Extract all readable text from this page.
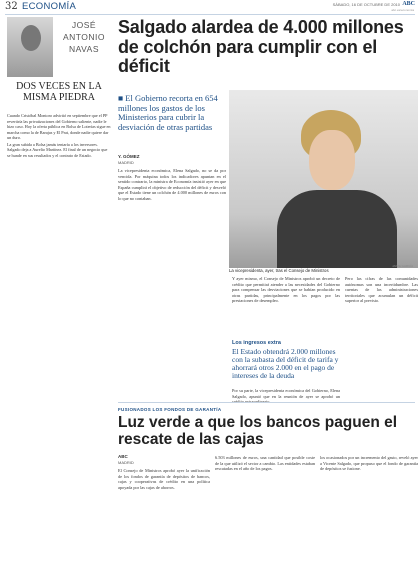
32 ECONOMÍA	SÁBADO, 16 DE OCTUBRE DE 2010 ABC
abc.es/economia
JOSÉ ANTONIO NAVAS
DOS VECES EN LA MISMA PIEDRA

Cuando Cristóbal Montoro advirtió en septiembre que el PP revertiría las privatizaciones del Gobierno saliente, nadie le hizo caso. Hoy la oferta pública en Bolsa de Loterías sigue en marcha como la de Barajas y El Prat, donde nadie quiere dar un duro.

La gran subida a Bolsa jamás tentaría a los inversores. Salgado deja a Aurelio Martínez. El final de un negocio que se hunde en sus resultados y el contrato de Estado.

Salgado alardea de 4.000 millones de colchón para cumplir con el déficit
■ El Gobierno recorta en 654 millones los gastos de los Ministerios para cubrir la desviación de otras partidas
JAIME GARCÍA
La vicepresidenta, ayer, tras el Consejo de Ministros
Y. GÓMEZ
MADRID
La vicepresidenta económica, Elena Salgado, no se da por vencida. Por máquina todos los indicadores apuntan en el sentido contrario, la ministra de Economía insistió ayer en que España cumplirá el objetivo de reducción del déficit y desveló que el Estado tiene un colchón de 4.000 millones de euros con lo que no contaban.
Y ayer mismo, el Consejo de Ministros aprobó un decreto de crédito que permitirá atender a las necesidades del Gobierno para compensar las desviaciones que se habían producido en otras partidas, principalmente en los pagos por las prestaciones de desempleo.
Pero las cifras de las comunidades autónomas son una incertidumbre. Las cuentas de las administraciones territoriales que acumulan un déficit superior al previsto.
Los ingresos extra
El Estado obtendrá 2.000 millones con la subasta del déficit de tarifa y ahorrará otros 2.000 en el pago de intereses de la deuda
Por su parte, la vicepresidenta económica del Gobierno, Elena Salgado, apuntó que en la reunión de ayer se aprobó un crédito extraordinario.
FUSIONADOS LOS FONDOS DE GARANTÍA
Luz verde a que los bancos paguen el rescate de las cajas
ABC
MADRID
El Consejo de Ministros aprobó ayer la unificación de los fondos de garantía de depósitos de bancos, cajas y cooperativas de crédito en una política apoyada por las cajas de ahorros.
6.503 millones de euros, una cantidad que posible coste de la que utilizó el sector a cambio. Las entidades estaban rescatadas en el año de los pagos.
los ocasionados por un incremento del gasto, reveló ayer a Vicente Salgado, que propuso que el fondo de garantía de depósitos se fusione.
